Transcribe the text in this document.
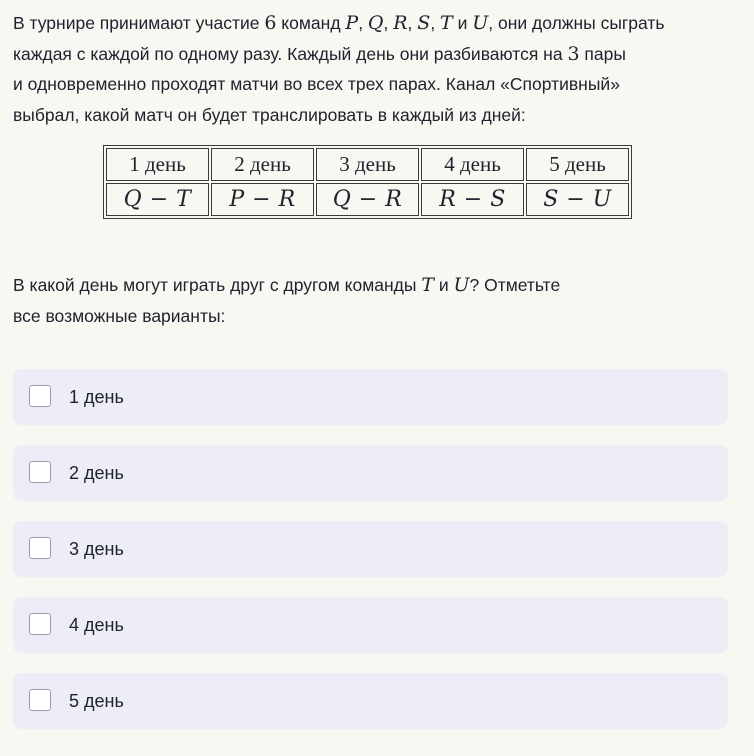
В турнире принимают участие 6 команд P, Q, R, S, T и U, они должны сыграть

каждая с каждой по одному разу. Каждый день они разбиваются на 3 пары

и одновременно проходят матчи во всех трех парах. Канал «Спортивный»

выбрал, какой матч он будет транслировать в каждый из дней:

1 день	2 день	3 день	4 день	5 день
Q − T	P − R	Q − R	R − S	S − U

В какой день могут играть друг с другом команды T и U? Отметьте

все возможные варианты:

1 день
2 день
3 день
4 день
5 день
